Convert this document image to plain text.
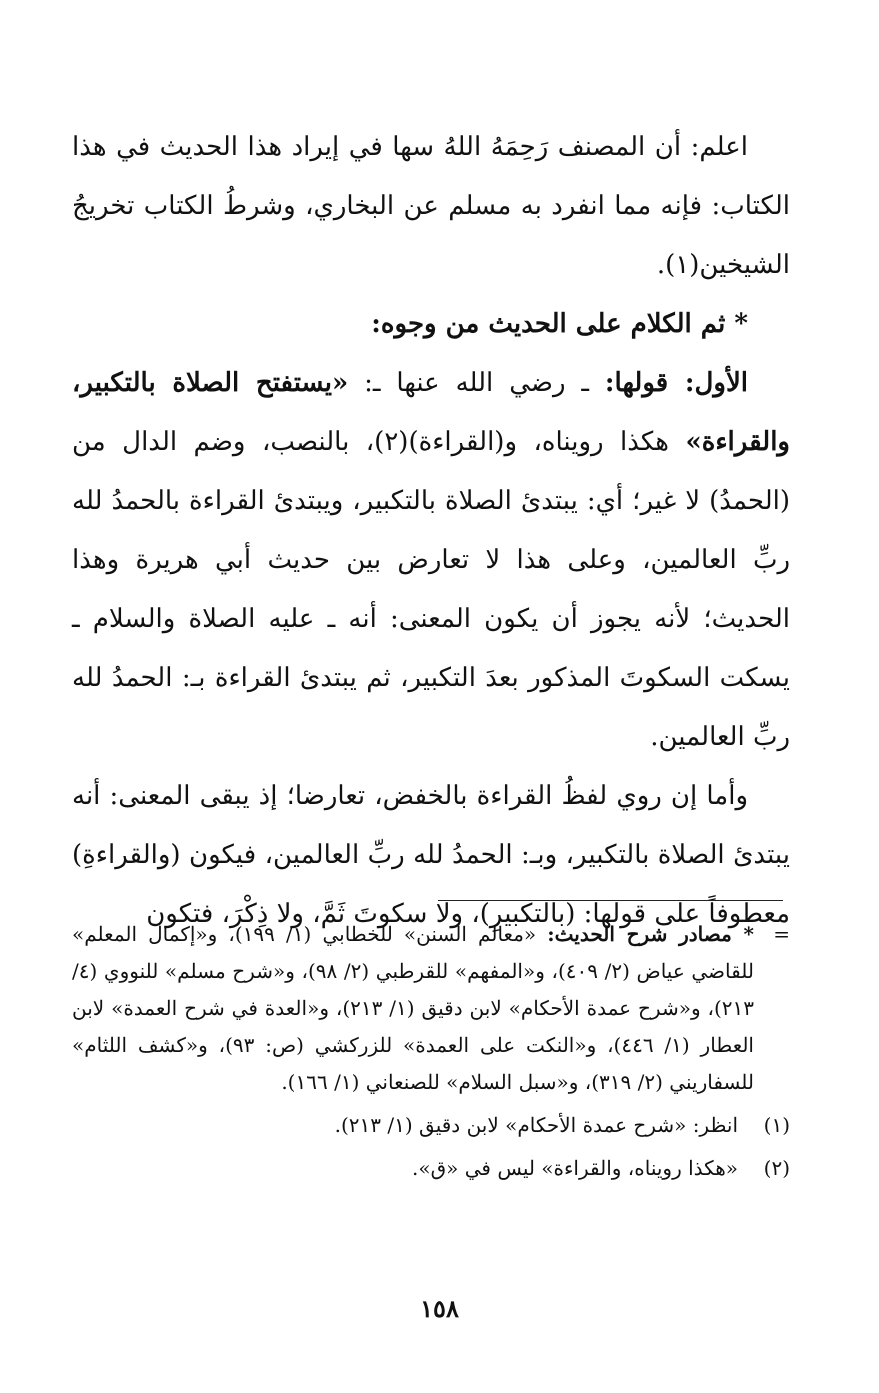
اعلم: أن المصنف رَحِمَهُ اللهُ سها في إيراد هذا الحديث في هذا الكتاب: فإنه مما انفرد به مسلم عن البخاري، وشرطُ الكتاب تخريجُ الشيخين(١).

* ثم الكلام على الحديث من وجوه:

الأول: قولها: ـ رضي الله عنها ـ: «يستفتح الصلاة بالتكبير، والقراءة» هكذا رويناه، و(القراءة)(٢)، بالنصب، وضم الدال من (الحمدُ) لا غير؛ أي: يبتدئ الصلاة بالتكبير، ويبتدئ القراءة بالحمدُ لله ربِّ العالمين، وعلى هذا لا تعارض بين حديث أبي هريرة وهذا الحديث؛ لأنه يجوز أن يكون المعنى: أنه ـ عليه الصلاة والسلام ـ يسكت السكوتَ المذكور بعدَ التكبير، ثم يبتدئ القراءة بـ: الحمدُ لله ربِّ العالمين.

وأما إن روي لفظُ القراءة بالخفض، تعارضا؛ إذ يبقى المعنى: أنه يبتدئ الصلاة بالتكبير، وبـ: الحمدُ لله ربِّ العالمين، فيكون (والقراءةِ) معطوفاً على قولها: (بالتكبيرِ)، ولا سكوتَ ثَمَّ، ولا ذِكْرَ، فتكون

=
* مصادر شرح الحديث: «معالم السنن» للخطابي (١/ ١٩٩)، و«إكمال المعلم» للقاضي عياض (٢/ ٤٠٩)، و«المفهم» للقرطبي (٢/ ٩٨)، و«شرح مسلم» للنووي (٤/ ٢١٣)، و«شرح عمدة الأحكام» لابن دقيق (١/ ٢١٣)، و«العدة في شرح العمدة» لابن العطار (١/ ٤٤٦)، و«النكت على العمدة» للزركشي (ص: ٩٣)، و«كشف اللثام» للسفاريني (٢/ ٣١٩)، و«سبل السلام» للصنعاني (١/ ١٦٦).
(١)
انظر: «شرح عمدة الأحكام» لابن دقيق (١/ ٢١٣).
(٢)
«هكذا رويناه، والقراءة» ليس في «ق».
١٥٨
